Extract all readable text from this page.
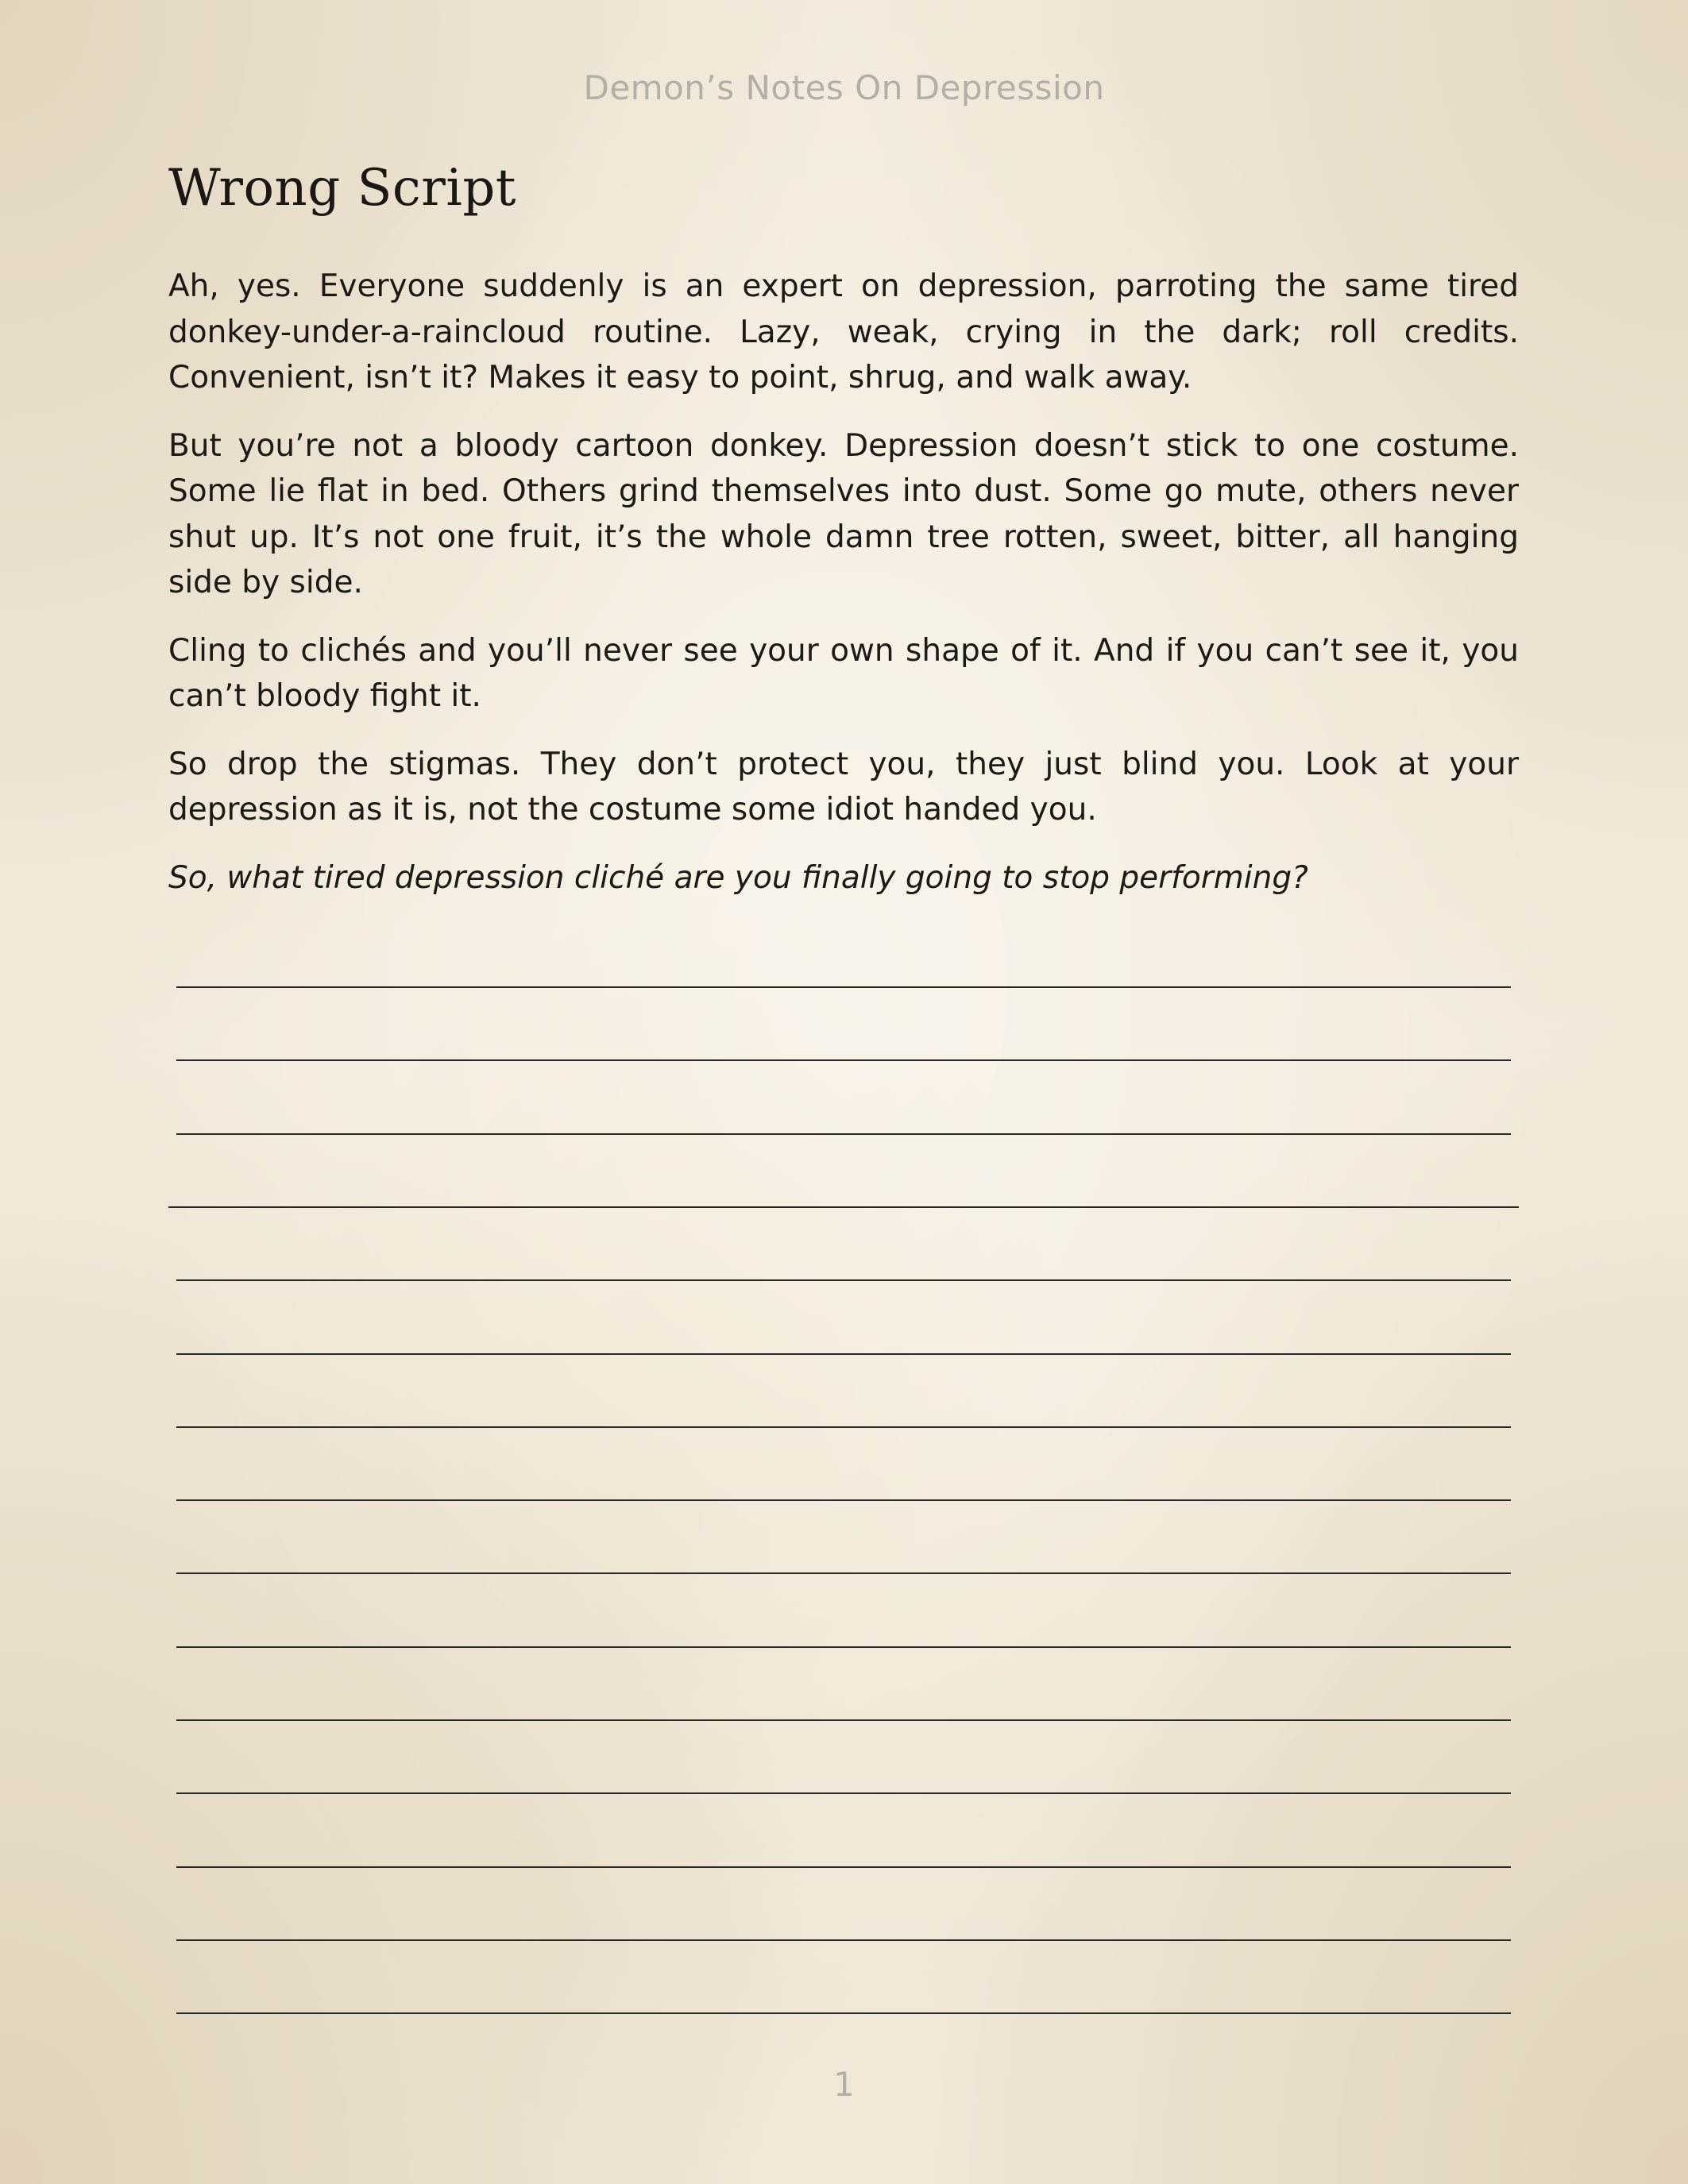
Demon’s Notes On Depression
Wrong Script

Ah, yes. Everyone suddenly is an expert on depression, parroting the same tired donkey-under-a-raincloud routine. Lazy, weak, crying in the dark; roll credits. Convenient, isn’t it? Makes it easy to point, shrug, and walk away.

But you’re not a bloody cartoon donkey. Depression doesn’t stick to one costume. Some lie flat in bed. Others grind themselves into dust. Some go mute, others never shut up. It’s not one fruit, it’s the whole damn tree rotten, sweet, bitter, all hanging side by side.

Cling to clichés and you’ll never see your own shape of it. And if you can’t see it, you can’t bloody fight it.

So drop the stigmas. They don’t protect you, they just blind you. Look at your depression as it is, not the costume some idiot handed you.

So, what tired depression cliché are you finally going to stop performing?

1
